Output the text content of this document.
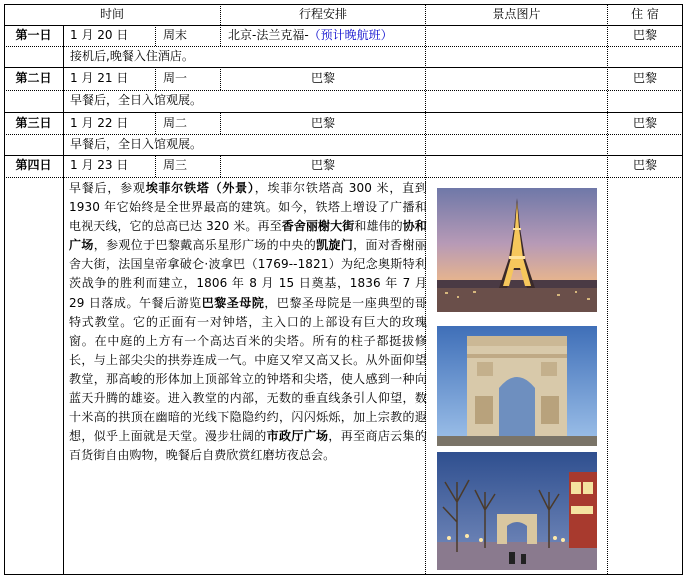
时间	行程安排	景点图片	住 宿
第一日	1 月 20 日	周末	北京-法兰克福-（预计晚航班）	巴黎
接机后,晚餐入住酒店。
第二日	1 月 21 日	周一	巴黎	巴黎
早餐后，全日入馆观展。
第三日	1 月 22 日	周二	巴黎	巴黎
早餐后，全日入馆观展。
第四日	1 月 23 日	周三	巴黎	巴黎
早餐后，参观埃菲尔铁塔（外景），埃菲尔铁塔高 300 米，直到 1930 年它始终是全世界最高的建筑。如今，铁塔上增设了广播和电视天线，它的总高已达 320 米。再至香舍丽榭大街和雄伟的协和广场，参观位于巴黎戴高乐星形广场的中央的凯旋门，面对香榭丽舍大街，法国皇帝拿破仑·波拿巴（1769--1821）为纪念奥斯特利茨战争的胜利而建立，1806 年 8 月 15 日奠基，1836 年 7 月 29 日落成。午餐后游览巴黎圣母院，巴黎圣母院是一座典型的哥特式教堂。它的正面有一对钟塔，主入口的上部设有巨大的玫瑰窗。在中庭的上方有一个高达百米的尖塔。所有的柱子都挺拔修长，与上部尖尖的拱券连成一气。中庭又窄又高又长。从外面仰望教堂，那高峻的形体加上顶部耸立的钟塔和尖塔，使人感到一种向蓝天升腾的雄姿。进入教堂的内部，无数的垂直线条引人仰望，数十米高的拱顶在幽暗的光线下隐隐约约，闪闪烁烁，加上宗教的遐想，似乎上面就是天堂。漫步壮阔的市政厅广场，再至商店云集的百货街自由购物，晚餐后自费欣赏红磨坊夜总会。
